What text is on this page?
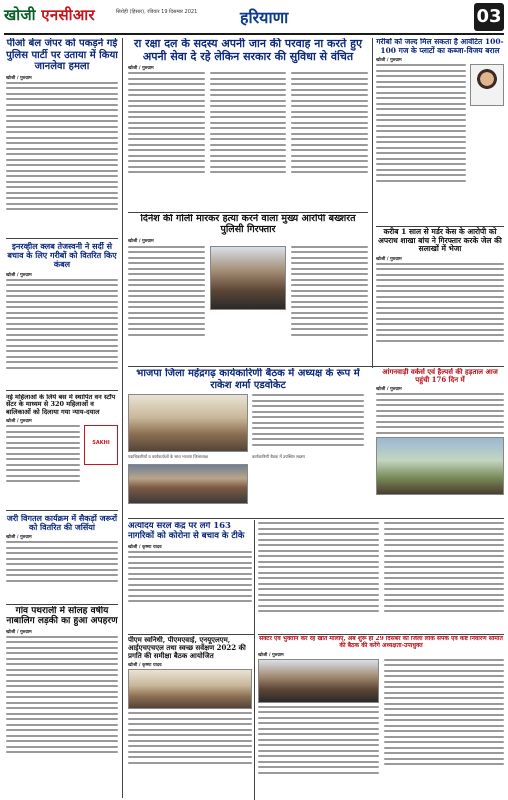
खोजी एनसीआर	सिरोही (हिसार), रविवार 19 दिसम्बर 2021	हरियाणा	03
पीओ बेल जंपर को पकड़ने गई पुलिस पार्टी पर उताया में किया जानलेवा हमला
खोजी / गुरुग्राम
इनरव्हील क्लब तेजस्वनी ने सर्दी से बचाव के लिए गरीबों को वितरित किए कंबल
खोजी / गुरुग्राम
नई महिलाओं के लिये बस में स्थापित वन स्टॉप सेंटर के माध्यम से 320 महिलाओं व बालिकाओं को दिलाया गया न्याय-दयाल
खोजी / गुरुग्राम
SAKHI
जरी विगतल कार्यक्रम में सैकड़ों जरूरों को वितरित की जर्सियां
खोजी / गुरुग्राम
गांव पथराली में सोलह वर्षीय नाबालिग लड़की का हुआ अपहरण
खोजी / गुरुग्राम
रा रक्षा दल के सदस्य अपनी जान की परवाह ना करते हुए अपनी सेवा दे रहे लेकिन सरकार की सुविधा से वंचित
खोजी / गुरुग्राम
दिनेश की गोली मारकर हत्या करने वाला मुख्य आरोपी बख्शरत पुलिसी गिरफ्तार
खोजी / गुरुग्राम
गरीबों को जल्द मिल सकता है आवंटित 100-100 गज के प्लाटों का कब्जा-विजय बराल
खोजी / गुरुग्राम
करीब 1 साल से मर्डर केस के आरोपी को अपराध शाखा बांच ने गिरफ्तार करके जेल की सलाखों में भेजा
खोजी / गुरुग्राम
भाजपा जिला महेंद्रगढ़ कार्यकारिणी बैठक में अध्यक्ष के रूप में राकेश शर्मा एडवोकेट
पदाधिकारियों व कार्यकर्ताओं के साथ भाजपा जिलाध्यक्ष	कार्यकारिणी बैठक में उपस्थित सदस्य
आंगनवाड़ी वर्कर्स एवं हैल्पर्स की हड़ताल आज पहुंची 176 दिन में
खोजी / गुरुग्राम
अंत्योदय सरल केंद्र पर लगे 163 नागरिकों को कोरोना से बचाव के टीके
खोजी / कृष्णा यादव
पीएम स्वनिधी, पीएमएवाई, एनयूएलएम, आईएचएचएल तथा स्वच्छ सर्वेक्षण 2022 की प्रगति की समीक्षा बैठक आयोजित
खोजी / कृष्णा यादव
सेक्टर एवं भुक्तान कर रहे खाते मीलाएं, अब शुरू हो 29 दिसंबर को जिला लोक संपर्क एवं कष्ट निवारण समिति की बैठक की करेंगे अध्यक्षता-उपाधुक्त
खोजी / गुरुग्राम
